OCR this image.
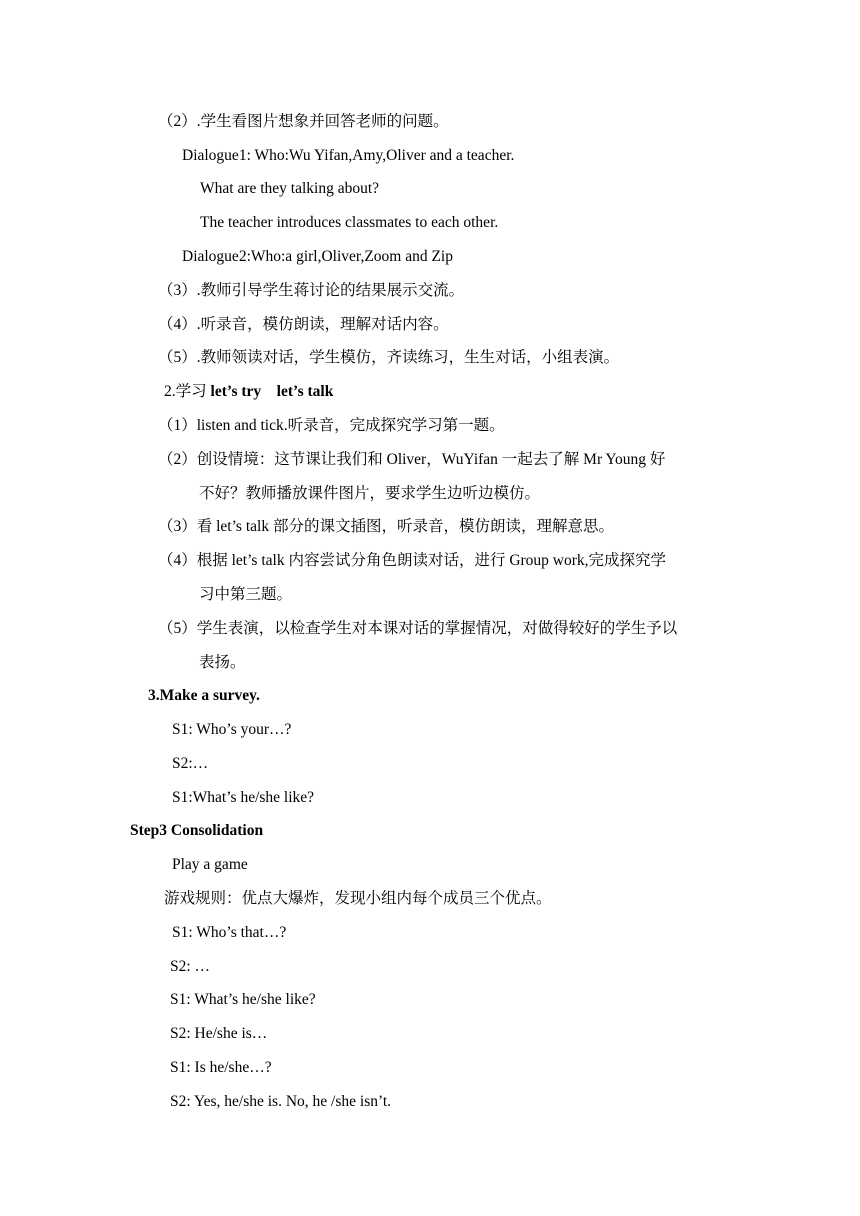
（2）.学生看图片想象并回答老师的问题。
Dialogue1: Who:Wu Yifan,Amy,Oliver and a teacher.
What are they talking about?
The teacher introduces classmates to each other.
Dialogue2:Who:a girl,Oliver,Zoom and Zip
（3）.教师引导学生蒋讨论的结果展示交流。
（4）.听录音，模仿朗读，理解对话内容。
（5）.教师领读对话，学生模仿，齐读练习，生生对话，小组表演。
2.学习 let’s try    let’s talk
（1）listen and tick.听录音，完成探究学习第一题。
（2）创设情境：这节课让我们和 Oliver，WuYifan 一起去了解 Mr Young 好
不好？教师播放课件图片，要求学生边听边模仿。
（3）看 let’s talk 部分的课文插图，听录音，模仿朗读，理解意思。
（4）根据 let’s talk 内容尝试分角色朗读对话，进行 Group work,完成探究学
习中第三题。
（5）学生表演，以检查学生对本课对话的掌握情况，对做得较好的学生予以
表扬。
3.Make a survey.
S1: Who’s your…?
S2:…
S1:What’s he/she like?
Step3 Consolidation
Play a game
游戏规则：优点大爆炸，发现小组内每个成员三个优点。
S1: Who’s that…?
S2: …
S1: What’s he/she like?
S2: He/she is…
S1: Is he/she…?
S2: Yes, he/she is. No, he /she isn’t.
